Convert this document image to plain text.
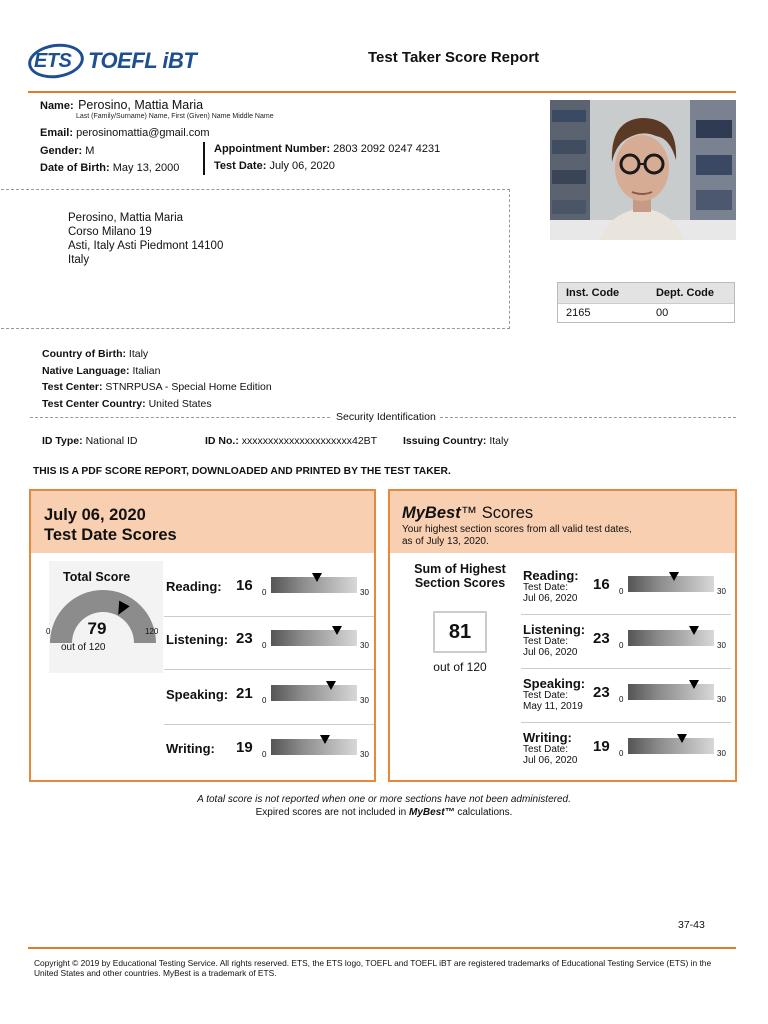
ETS TOEFL iBT	Test Taker Score Report
Name: Perosino, Mattia Maria
Last (Family/Surname) Name, First (Given) Name Middle Name
Email: perosinomattia@gmail.com
Gender: M
Date of Birth: May 13, 2000
Appointment Number: 2803 2092 0247 4231
Test Date: July 06, 2020
Perosino, Mattia Maria
Corso Milano 19
Asti, Italy Asti Piedmont 14100
Italy
Inst. Code	Dept. Code
2165	00
Country of Birth: Italy
Native Language: Italian
Test Center: STNRPUSA - Special Home Edition
Test Center Country: United States
Security Identification
ID Type: National ID	ID No.: xxxxxxxxxxxxxxxxxxxxx42BT Issuing Country: Italy
THIS IS A PDF SCORE REPORT, DOWNLOADED AND PRINTED BY THE TEST TAKER.
July 06, 2020
Test Date Scores
Total Score
0	120
79
out of 120
Reading: 16 0	30
Listening: 23 0	30
Speaking: 21 0	30
Writing: 19 0	30
MyBest™ Scores
Your highest section scores from all valid test dates,
as of July 13, 2020.
Sum of Highest
Section Scores
81
out of 120
Reading:
Test Date:
Jul 06, 2020
16 0	30
Listening:
Test Date:
Jul 06, 2020
23 0	30
Speaking:
Test Date:
May 11, 2019
23 0	30
Writing:
Test Date:
Jul 06, 2020
19 0	30
A total score is not reported when one or more sections have not been administered.
Expired scores are not included in MyBest™ calculations.
37-43
Copyright © 2019 by Educational Testing Service. All rights reserved. ETS, the ETS logo, TOEFL and TOEFL iBT are registered trademarks of Educational Testing Service (ETS) in the United States and other countries. MyBest is a trademark of ETS.
